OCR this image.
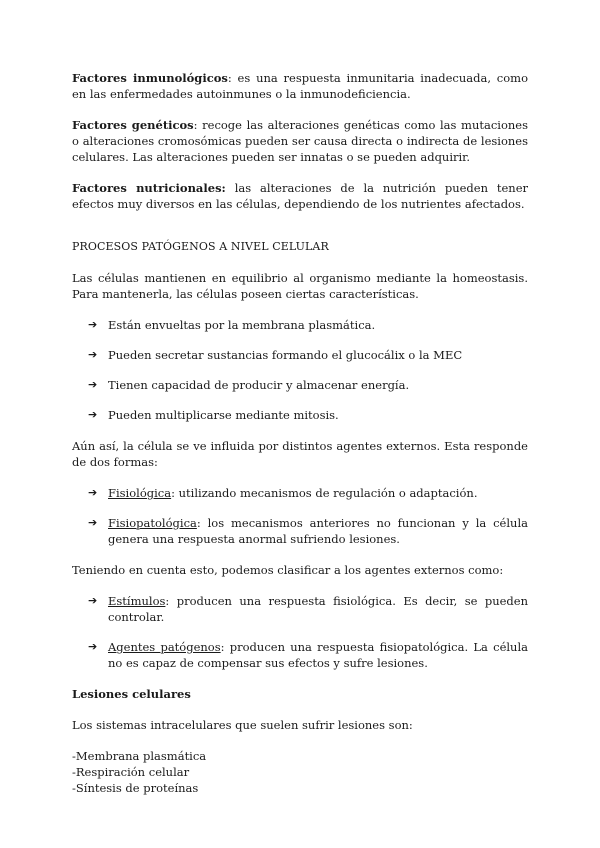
Factores inmunológicos: es una respuesta inmunitaria inadecuada, como en las enfermedades autoinmunes o la inmunodeficiencia.

Factores genéticos: recoge las alteraciones genéticas como las mutaciones o alteraciones cromosómicas pueden ser causa directa o indirecta de lesiones celulares. Las alteraciones pueden ser innatas o se pueden adquirir.

Factores nutricionales: las alteraciones de la nutrición pueden tener efectos muy diversos en las células, dependiendo de los nutrientes afectados.

PROCESOS PATÓGENOS A NIVEL CELULAR

Las células mantienen en equilibrio al organismo mediante la homeostasis. Para mantenerla, las células poseen ciertas características.

➔ Están envueltas por la membrana plasmática.
➔ Pueden secretar sustancias formando el glucocálix o la MEC
➔ Tienen capacidad de producir y almacenar energía.
➔ Pueden multiplicarse mediante mitosis.

Aún así, la célula se ve influida por distintos agentes externos. Esta responde de dos formas:

➔ Fisiológica: utilizando mecanismos de regulación o adaptación.
➔ Fisiopatológica: los mecanismos anteriores no funcionan y la célula genera una respuesta anormal sufriendo lesiones.

Teniendo en cuenta esto, podemos clasificar a los agentes externos como:

➔ Estímulos: producen una respuesta fisiológica. Es decir, se pueden controlar.
➔ Agentes patógenos: producen una respuesta fisiopatológica. La célula no es capaz de compensar sus efectos y sufre lesiones.

Lesiones celulares

Los sistemas intracelulares que suelen sufrir lesiones son:

-Membrana plasmática
-Respiración celular
-Síntesis de proteínas
